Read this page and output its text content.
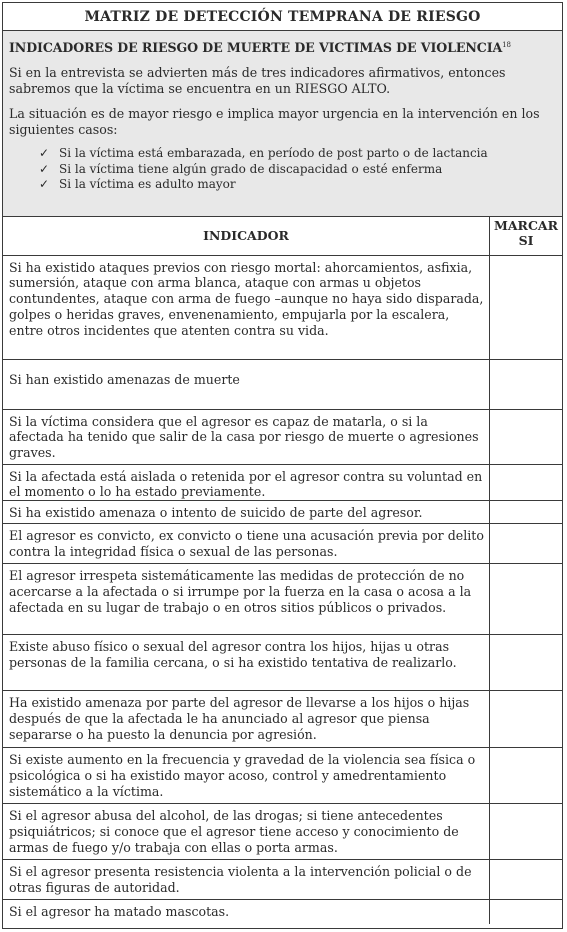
MATRIZ DE DETECCIÓN TEMPRANA DE RIESGO
INDICADORES DE RIESGO DE MUERTE DE VICTIMAS DE VIOLENCIA$^{18}$

Si en la entrevista se advierten más de tres indicadores afirmativos, entonces sabremos que la víctima se encuentra en un RIESGO ALTO.

La situación es de mayor riesgo e implica mayor urgencia en la intervención en los siguientes casos:

✓ Si la víctima está embarazada, en período de post parto o de lactancia
✓ Si la víctima tiene algún grado de discapacidad o esté enferma
✓ Si la víctima es adulto mayor
INDICADOR	MARCAR
SI
Si ha existido ataques previos con riesgo mortal: ahorcamientos, asfixia, sumersión, ataque con arma blanca, ataque con armas u objetos contundentes, ataque con arma de fuego –aunque no haya sido disparada, golpes o heridas graves, envenenamiento, empujarla por la escalera, entre otros incidentes que atenten contra su vida.	
Si han existido amenazas de muerte	
Si la víctima considera que el agresor es capaz de matarla, o si la afectada ha tenido que salir de la casa por riesgo de muerte o agresiones graves.	
Si la afectada está aislada o retenida por el agresor contra su voluntad en el momento o lo ha estado previamente.	
Si ha existido amenaza o intento de suicido de parte del agresor.	
El agresor es convicto, ex convicto o tiene una acusación previa por delito contra la integridad física o sexual de las personas.	
El agresor irrespeta sistemáticamente las medidas de protección de no acercarse a la afectada o si irrumpe por la fuerza en la casa o acosa a la afectada en su lugar de trabajo o en otros sitios públicos o privados.	
Existe abuso físico o sexual del agresor contra los hijos, hijas u otras personas de la familia cercana, o si ha existido tentativa de realizarlo.	
Ha existido amenaza por parte del agresor de llevarse a los hijos o hijas después de que la afectada le ha anunciado al agresor que piensa separarse o ha puesto la denuncia por agresión.	
Si existe aumento en la frecuencia y gravedad de la violencia sea física o psicológica o si ha existido mayor acoso, control y amedrentamiento sistemático a la víctima.	
Si el agresor abusa del alcohol, de las drogas; si tiene antecedentes psiquiátricos; si conoce que el agresor tiene acceso y conocimiento de armas de fuego y/o trabaja con ellas o porta armas.	
Si el agresor presenta resistencia violenta a la intervención policial o de otras figuras de autoridad.	
Si el agresor ha matado mascotas.	
